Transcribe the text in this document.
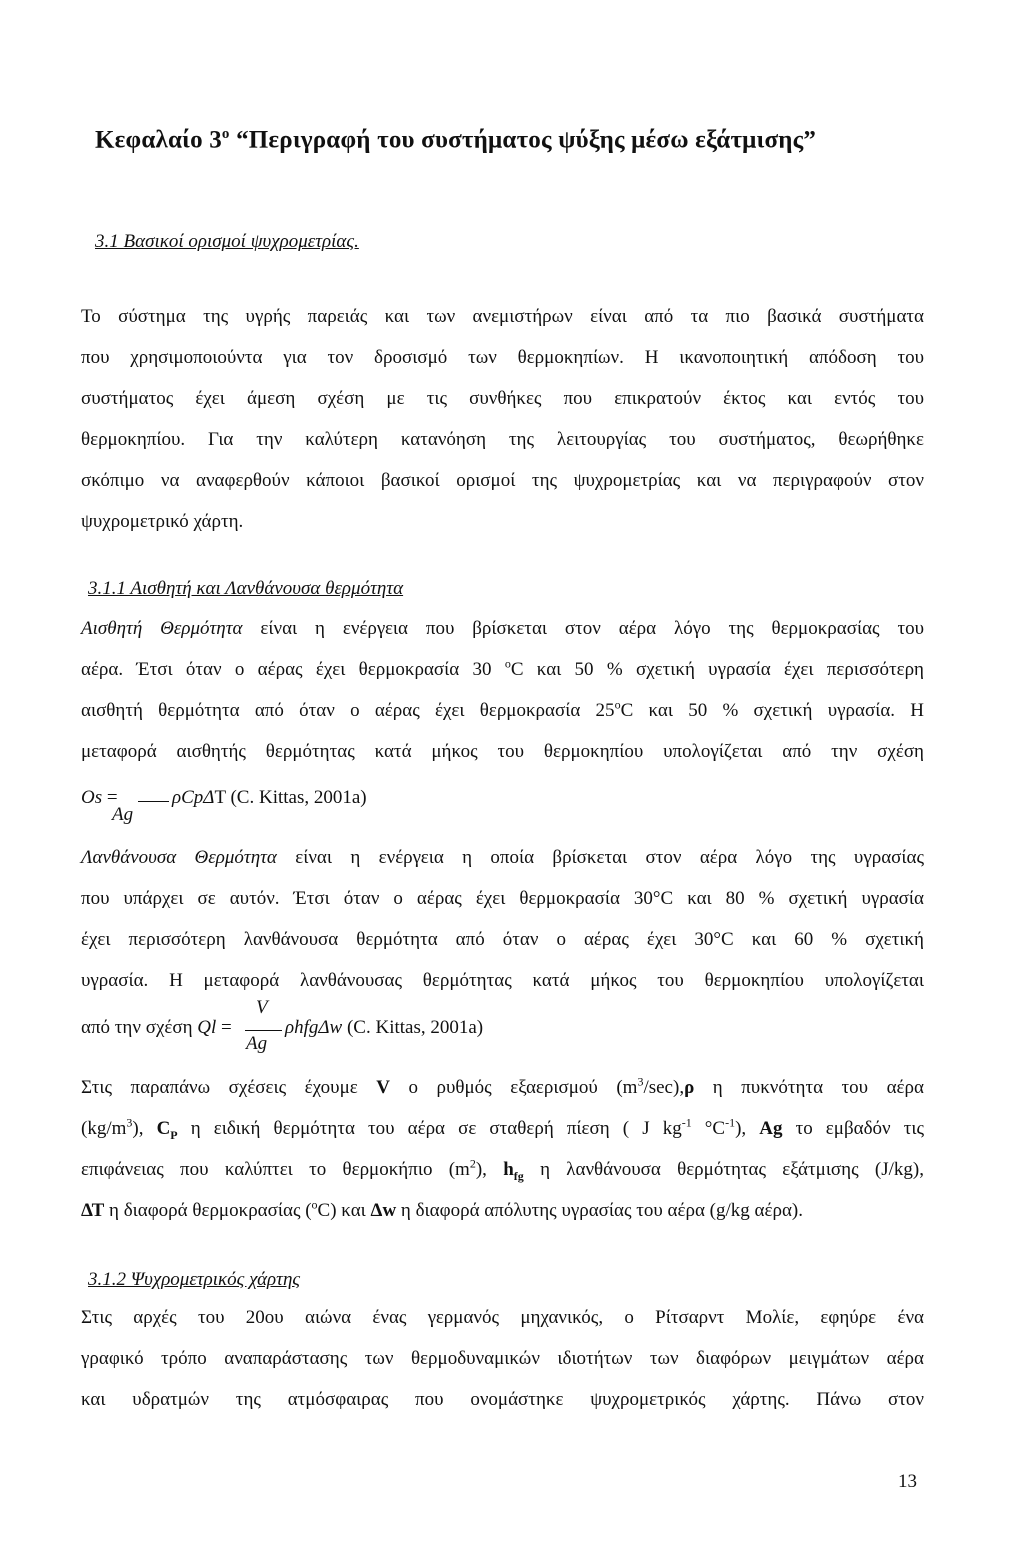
Κεφαλαίο $3^o$ “Περιγραφή του συστήματος ψύξης μέσω εξάτμισης”
3.1 Βασικοί ορισμοί ψυχρομετρίας.
Το σύστημα της υγρής παρειάς και των ανεμιστήρων είναι από τα πιο βασικά συστήματα
που χρησιμοποιούντα για τον δροσισμό των θερμοκηπίων. Η ικανοποιητική απόδοση του
συστήματος έχει άμεση σχέση με τις συνθήκες που επικρατούν έκτος και εντός του
θερμοκηπίου. Για την καλύτερη κατανόηση της λειτουργίας του συστήματος, θεωρήθηκε
σκόπιμο να αναφερθούν κάποιοι βασικοί ορισμοί της ψυχρομετρίας και να περιγραφούν στον
ψυχρομετρικό χάρτη.
3.1.1 Αισθητή και Λανθάνουσα θερμότητα
Αισθητή Θερμότητα είναι η ενέργεια που βρίσκεται στον αέρα λόγο της θερμοκρασίας του
αέρα. Έτσι όταν ο αέρας έχει θερμοκρασία 30 $^o$C και 50 % σχετική υγρασία έχει περισσότερη
αισθητή θερμότητα από όταν ο αέρας έχει θερμοκρασία $25^oC$ και 50 % σχετική υγρασία. Η
μεταφορά αισθητής θερμότητας κατά μήκος του θερμοκηπίου υπολογίζεται από την σχέση
Os =	ρCpΔT (C. Kittas, 2001a)
Ag
Λανθάνουσα Θερμότητα είναι η ενέργεια η οποία βρίσκεται στον αέρα λόγο της υγρασίας
που υπάρχει σε αυτόν. Έτσι όταν ο αέρας έχει θερμοκρασία 30°C και 80 % σχετική υγρασία
έχει περισσότερη λανθάνουσα θερμότητα από όταν ο αέρας έχει 30°C και 60 % σχετική
υγρασία. Η μεταφορά λανθάνουσας θερμότητας κατά μήκος του θερμοκηπίου υπολογίζεται
V
από την σχέση Ql =	ρhfgΔw (C. Κittas, 2001a)
Ag
Στις παραπάνω σχέσεις έχουμε V ο ρυθμός εξαερισμού $(m^3/\sec),\rho$ η πυκνότητα του αέρα
$(kg/m^3)$, $C_P$ η ειδική θερμότητα του αέρα σε σταθερή πίεση ( J $kg^{-1}$ $^\circ C^{-1}$), Ag το εμβαδόν τις
επιφάνειας που καλύπτει το θερμοκήπιο $(m^2)$, $h_{fg}$ η λανθάνουσα θερμότητας εξάτμισης (J/kg),
ΔΤ η διαφορά θερμοκρασίας ($^o$C) και Δw η διαφορά απόλυτης υγρασίας του αέρα (g/kg αέρα).
3.1.2 Ψυχρομετρικός χάρτης
Στις αρχές του 20ου αιώνα ένας γερμανός μηχανικός, ο Ρίτσαρντ Μολίε, εφηύρε ένα
γραφικό τρόπο αναπαράστασης των θερμοδυναμικών ιδιοτήτων των διαφόρων μειγμάτων αέρα
και υδρατμών της ατμόσφαιρας που ονομάστηκε ψυχρομετρικός χάρτης. Πάνω στον
13
